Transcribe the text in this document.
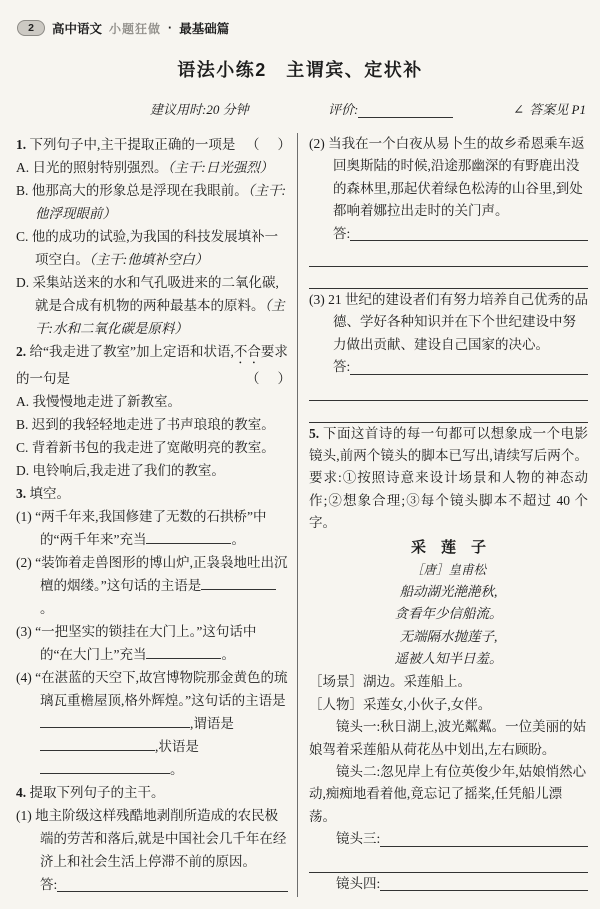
2	高中语文 小题狂做 · 最基础篇
语法小练2　主谓宾、定状补
建议用时:20 分钟	评价:	∠ 答案见 P1

1. 下列句子中,主干提取正确的一项是 （　　）

A. 日光的照射特别强烈。（主干:日光强烈）

B. 他那高大的形象总是浮现在我眼前。（主干:他浮现眼前）

C. 他的成功的试验,为我国的科技发展填补一项空白。（主干:他填补空白）

D. 采集站送来的水和气孔吸进来的二氧化碳,就是合成有机物的两种最基本的原料。（主干:水和二氧化碳是原料）

2. 给“我走进了教室”加上定语和状语,不合要求的一句是	（　　）

A. 我慢慢地走进了新教室。

B. 迟到的我轻轻地走进了书声琅琅的教室。

C. 背着新书包的我走进了宽敞明亮的教室。

D. 电铃响后,我走进了我们的教室。

3. 填空。

(1) “两千年来,我国修建了无数的石拱桥”中的“两千年来”充当	。

(2) “装饰着走兽图形的博山炉,正袅袅地吐出沉檀的烟缕。”这句话的主语是。

(3) “一把坚实的锁挂在大门上。”这句话中的“在大门上”充当	。

(4) “在湛蓝的天空下,故宫博物院那金黄色的琉璃瓦重檐屋顶,格外辉煌。”这句话的主语是,谓语是,状语是。

4. 提取下列句子的主干。

(1) 地主阶级这样残酷地剥削所造成的农民极端的劳苦和落后,就是中国社会几千年在经济上和社会生活上停滞不前的原因。

答:

(2) 当我在一个白夜从易卜生的故乡希恩乘车返回奥斯陆的时候,沿途那幽深的有野鹿出没的森林里,那起伏着绿色松涛的山谷里,到处都响着娜拉出走时的关门声。

答:

(3) 21 世纪的建设者们有努力培养自己优秀的品德、学好各种知识并在下个世纪建设中努力做出贡献、建设自己国家的决心。

答:

5. 下面这首诗的每一句都可以想象成一个电影镜头,前两个镜头的脚本已写出,请续写后两个。要求:①按照诗意来设计场景和人物的神态动作;②想象合理;③每个镜头脚本不超过 40 个字。

采　莲　子
［唐］皇甫松
船动湖光滟滟秋,
贪看年少信船流。
无端隔水抛莲子,
遥被人知半日羞。

［场景］湖边。采莲船上。

［人物］采莲女,小伙子,女伴。

镜头一:秋日湖上,波光粼粼。一位美丽的姑娘驾着采莲船从荷花丛中划出,左右顾盼。

镜头二:忽见岸上有位英俊少年,姑娘悄然心动,痴痴地看着他,竟忘记了摇桨,任凭船儿漂荡。

镜头三:
镜头四:
